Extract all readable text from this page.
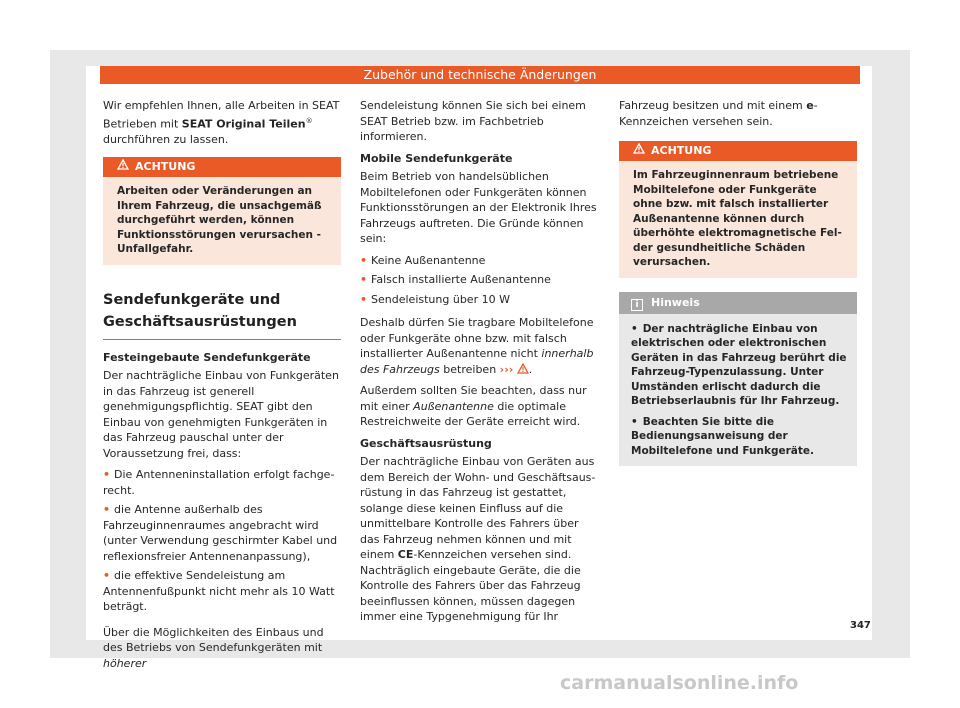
Zubehör und technische Änderungen

Wir empfehlen Ihnen, alle Arbeiten in SEAT Betrieben mit SEAT Original Teilen® durchführen zu lassen.

ACHTUNG
Arbeiten oder Veränderungen an Ihrem Fahrzeug, die unsachgemäß durchgeführt werden, können Funktionsstörungen verursachen - Unfallgefahr.
Sendefunkgeräte und Geschäftsausrüstungen
Festeingebaute Sendefunkgeräte

Der nachträgliche Einbau von Funkgeräten in das Fahrzeug ist generell genehmigungspflichtig. SEAT gibt den Einbau von genehmigten Funkgeräten in das Fahrzeug pauschal unter der Voraussetzung frei, dass:

• Die Antenneninstallation erfolgt fachgerecht.
• die Antenne außerhalb des Fahrzeuginnenraumes angebracht wird (unter Verwendung geschirmter Kabel und reflexionsfreier Antennenanpassung),
• die effektive Sendeleistung am Antennenfußpunkt nicht mehr als 10 Watt beträgt.

Über die Möglichkeiten des Einbaus und des Betriebs von Sendefunkgeräten mit höherer

Sendeleistung können Sie sich bei einem SEAT Betrieb bzw. im Fachbetrieb informieren.

Mobile Sendefunkgeräte

Beim Betrieb von handelsüblichen Mobiltelefonen oder Funkgeräten können Funktionsstörungen an der Elektronik Ihres Fahrzeugs auftreten. Die Gründe können sein:

• Keine Außenantenne
• Falsch installierte Außenantenne
• Sendeleistung über 10 W

Deshalb dürfen Sie tragbare Mobiltelefone oder Funkgeräte ohne bzw. mit falsch installierter Außenantenne nicht innerhalb des Fahrzeugs betreiben ››› .

Außerdem sollten Sie beachten, dass nur mit einer Außenantenne die optimale Restreichweite der Geräte erreicht wird.

Geschäftsausrüstung

Der nachträgliche Einbau von Geräten aus dem Bereich der Wohn- und Geschäftsausrüstung in das Fahrzeug ist gestattet, solange diese keinen Einfluss auf die unmittelbare Kontrolle des Fahrers über das Fahrzeug nehmen können und mit einem CE-Kennzeichen versehen sind. Nachträglich eingebaute Geräte, die die Kontrolle des Fahrers über das Fahrzeug beeinflussen können, müssen dagegen immer eine Typgenehmigung für Ihr

Fahrzeug besitzen und mit einem e-Kennzeichen versehen sein.

ACHTUNG
Im Fahrzeuginnenraum betriebene Mobiltelefone oder Funkgeräte ohne bzw. mit falsch installierter Außenantenne können durch überhöhte elektromagnetische Felder gesundheitliche Schäden verursachen.
i Hinweis
• Der nachträgliche Einbau von elektrischen oder elektronischen Geräten in das Fahrzeug berührt die Fahrzeug-Typenzulassung. Unter Umständen erlischt dadurch die Betriebserlaubnis für Ihr Fahrzeug.
• Beachten Sie bitte die Bedienungsanweisung der Mobiltelefone und Funkgeräte.
347
carmanualsonline.info
